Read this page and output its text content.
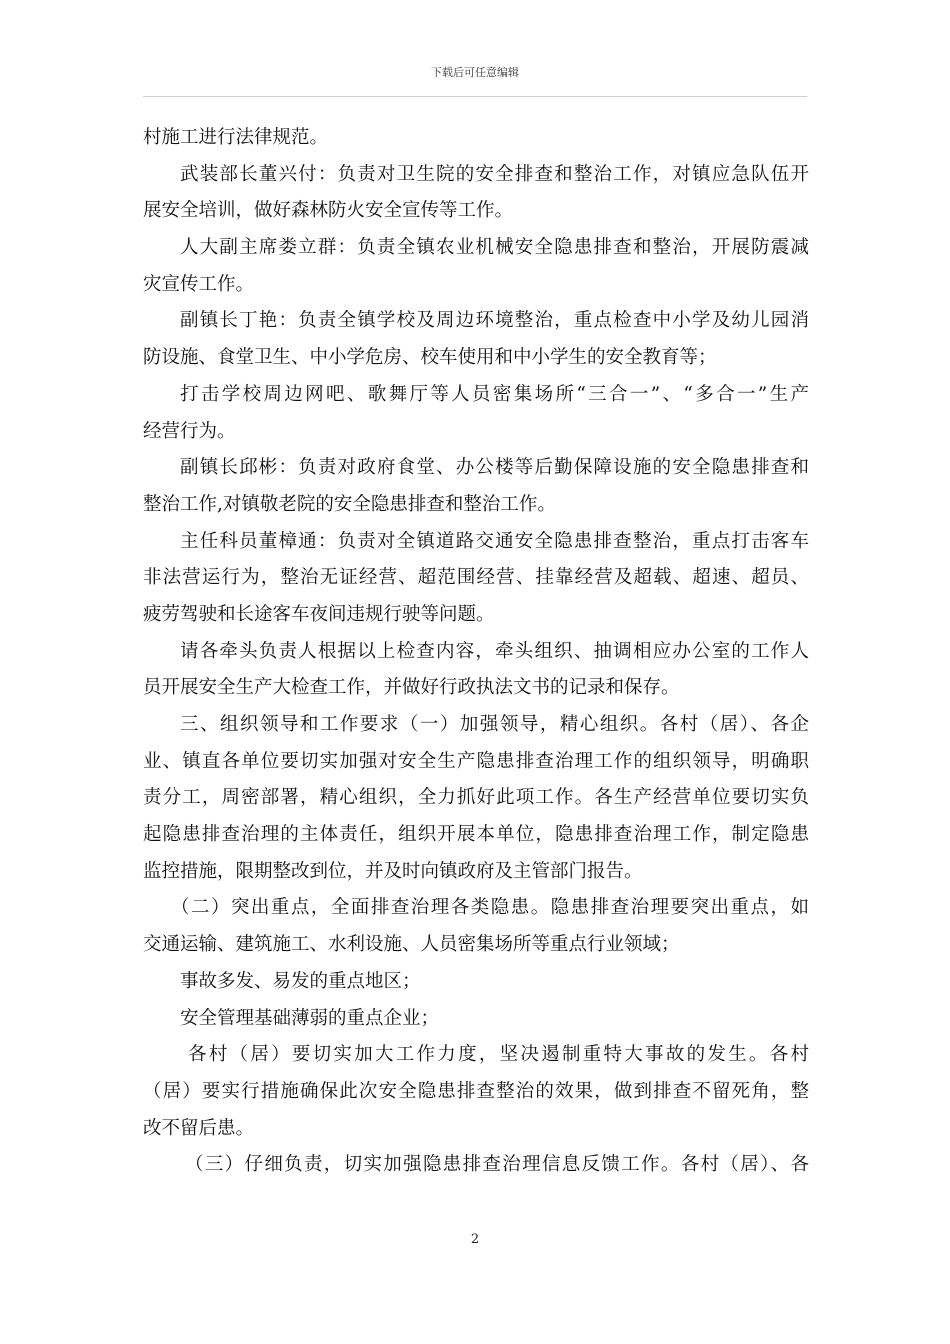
下载后可任意编辑
村施工进行法律规范。
武装部长董兴付：负责对卫生院的安全排查和整治工作，对镇应急队伍开
展安全培训，做好森林防火安全宣传等工作。
人大副主席娄立群：负责全镇农业机械安全隐患排查和整治，开展防震减
灾宣传工作。
副镇长丁艳：负责全镇学校及周边环境整治，重点检查中小学及幼儿园消
防设施、食堂卫生、中小学危房、校车使用和中小学生的安全教育等；
打击学校周边网吧、歌舞厅等人员密集场所“三合一”、“多合一”生产
经营行为。
副镇长邱彬：负责对政府食堂、办公楼等后勤保障设施的安全隐患排查和
整治工作,对镇敬老院的安全隐患排查和整治工作。
主任科员董樟通：负责对全镇道路交通安全隐患排查整治，重点打击客车
非法营运行为，整治无证经营、超范围经营、挂靠经营及超载、超速、超员、
疲劳驾驶和长途客车夜间违规行驶等问题。
请各牵头负责人根据以上检查内容，牵头组织、抽调相应办公室的工作人
员开展安全生产大检查工作，并做好行政执法文书的记录和保存。
三、组织领导和工作要求（一）加强领导，精心组织。各村（居）、各企
业、镇直各单位要切实加强对安全生产隐患排查治理工作的组织领导，明确职
责分工，周密部署，精心组织，全力抓好此项工作。各生产经营单位要切实负
起隐患排查治理的主体责任，组织开展本单位，隐患排查治理工作，制定隐患
监控措施，限期整改到位，并及时向镇政府及主管部门报告。
（二）突出重点，全面排查治理各类隐患。隐患排查治理要突出重点，如
交通运输、建筑施工、水利设施、人员密集场所等重点行业领域；
事故多发、易发的重点地区；
安全管理基础薄弱的重点企业；
各村（居）要切实加大工作力度，坚决遏制重特大事故的发生。各村
（居）要实行措施确保此次安全隐患排查整治的效果，做到排查不留死角，整
改不留后患。
（三）仔细负责，切实加强隐患排查治理信息反馈工作。各村（居）、各
2
